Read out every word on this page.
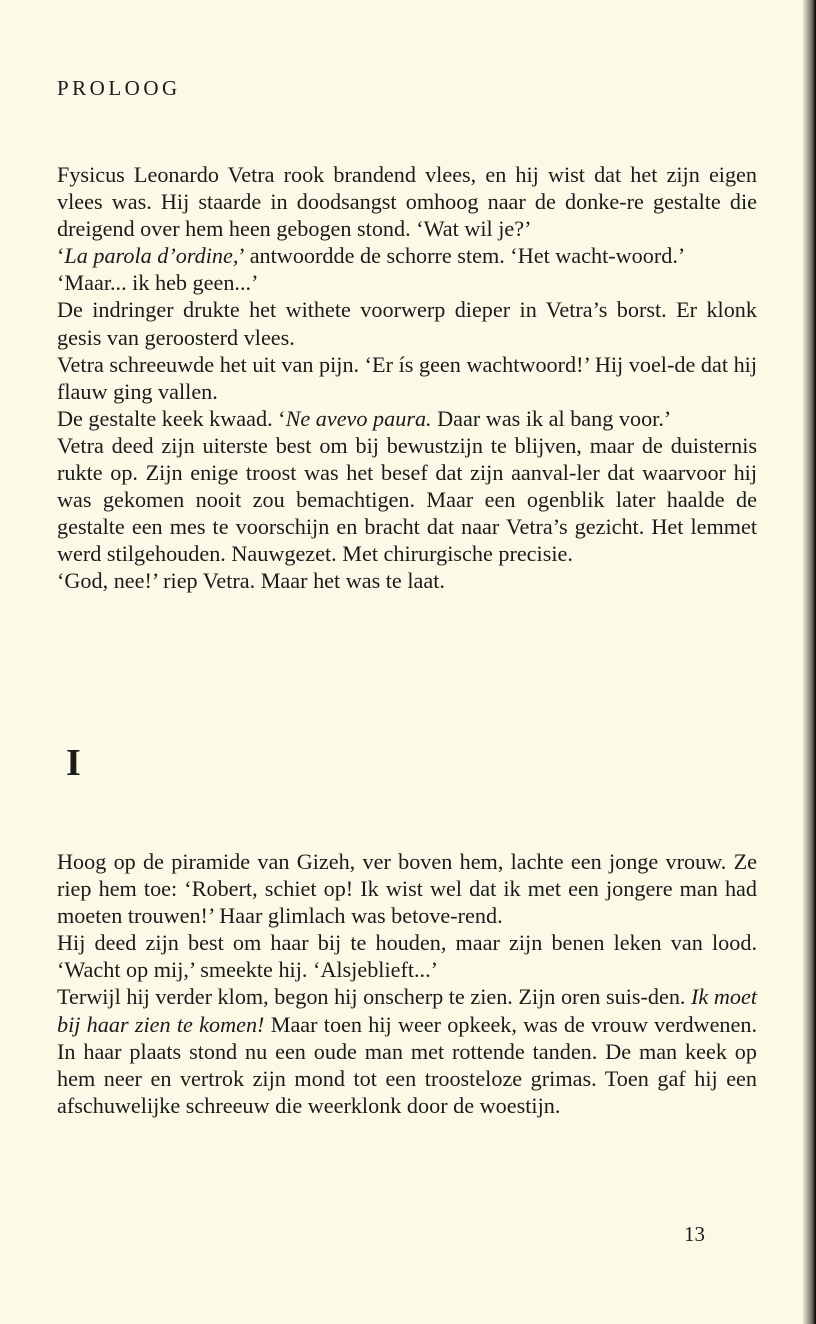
PROLOOG

Fysicus Leonardo Vetra rook brandend vlees, en hij wist dat het zijn eigen vlees was. Hij staarde in doodsangst omhoog naar de donke-re gestalte die dreigend over hem heen gebogen stond. ‘Wat wil je?’

‘La parola d’ordine,’ antwoordde de schorre stem. ‘Het wacht-woord.’

‘Maar... ik heb geen...’

De indringer drukte het withete voorwerp dieper in Vetra’s borst. Er klonk gesis van geroosterd vlees.

Vetra schreeuwde het uit van pijn. ‘Er ís geen wachtwoord!’ Hij voel-de dat hij flauw ging vallen.

De gestalte keek kwaad. ‘Ne avevo paura. Daar was ik al bang voor.’

Vetra deed zijn uiterste best om bij bewustzijn te blijven, maar de duisternis rukte op. Zijn enige troost was het besef dat zijn aanval-ler dat waarvoor hij was gekomen nooit zou bemachtigen. Maar een ogenblik later haalde de gestalte een mes te voorschijn en bracht dat naar Vetra’s gezicht. Het lemmet werd stilgehouden. Nauwgezet. Met chirurgische precisie.

‘God, nee!’ riep Vetra. Maar het was te laat.

I

Hoog op de piramide van Gizeh, ver boven hem, lachte een jonge vrouw. Ze riep hem toe: ‘Robert, schiet op! Ik wist wel dat ik met een jongere man had moeten trouwen!’ Haar glimlach was betove-rend.

Hij deed zijn best om haar bij te houden, maar zijn benen leken van lood. ‘Wacht op mij,’ smeekte hij. ‘Alsjeblieft...’

Terwijl hij verder klom, begon hij onscherp te zien. Zijn oren suis-den. Ik moet bij haar zien te komen! Maar toen hij weer opkeek, was de vrouw verdwenen. In haar plaats stond nu een oude man met rottende tanden. De man keek op hem neer en vertrok zijn mond tot een troosteloze grimas. Toen gaf hij een afschuwelijke schreeuw die weerklonk door de woestijn.

13
